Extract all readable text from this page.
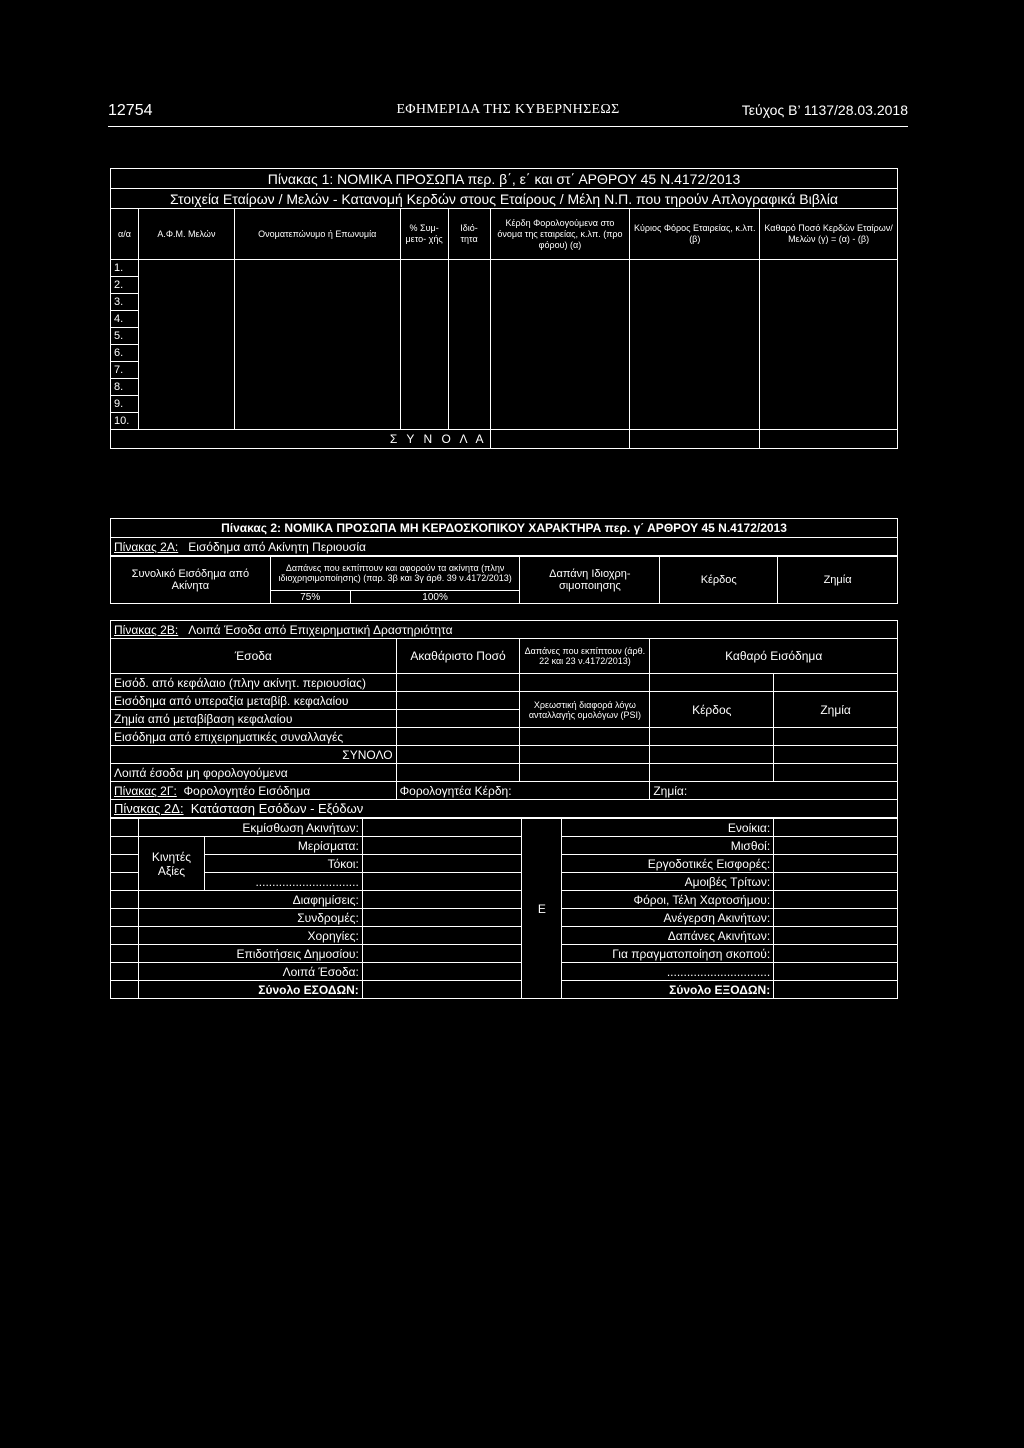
12754	ΕΦΗΜΕΡΙΔΑ ΤΗΣ ΚΥΒΕΡΝΗΣΕΩΣ	Τεύχος Β’ 1137/28.03.2018
Πίνακας 1: ΝΟΜΙΚΑ ΠΡΟΣΩΠΑ περ. β΄, ε΄ και στ΄ ΑΡΘΡΟΥ 45 Ν.4172/2013							
Στοιχεία Εταίρων / Μελών - Κατανομή Κερδών στους Εταίρους / Μέλη Ν.Π. που τηρούν Απλογραφικά Βιβλία							
α/α	Α.Φ.Μ. Μελών	Ονοματεπώνυμο ή Επωνυμία	% Συμ- μετο- χής	Ιδιό- τητα	Κέρδη Φορολογούμενα στο όνομα της εταιρείας, κ.λπ. (προ φόρου) (α)	Κύριος Φόρος Εταιρείας, κ.λπ. (β)	Καθαρό Ποσό Κερδών Εταίρων/Μελών (γ) = (α) - (β)
1.							
2.							
3.							
4.							
5.							
6.							
7.							
8.							
9.							
10.							
Σ Υ Ν Ο Λ Α							
Πίνακας 2: ΝΟΜΙΚΑ ΠΡΟΣΩΠΑ ΜΗ ΚΕΡΔΟΣΚΟΠΙΚΟΥ ΧΑΡΑΚΤΗΡΑ περ. γ΄ ΑΡΘΡΟΥ 45 Ν.4172/2013
Πίνακας 2Α: Εισόδημα από Ακίνητη Περιουσία
Συνολικό Εισόδημα από Ακίνητα	Δαπάνες που εκπίπτουν και αφορούν τα ακίνητα (πλην ιδιοχρησιμοποίησης) (παρ. 3β και 3γ άρθ. 39 ν.4172/2013)		Δαπάνη Ιδιοχρη- σιμοποιησης	Κέρδος	Ζημία
	75%	100%			
Πίνακας 2Β: Λοιπά Έσοδα από Επιχειρηματική Δραστηριότητα				
Έσοδα	Ακαθάριστο Ποσό	Δαπάνες που εκπίπτουν (άρθ. 22 και 23 ν.4172/2013)	Καθαρό Εισόδημα	
Εισόδ. από κεφάλαιο (πλην ακίνητ. περιουσίας)				
Εισόδημα από υπεραξία μεταβίβ. κεφαλαίου		Χρεωστική διαφορά λόγω ανταλλαγής ομολόγων (PSI)	Κέρδος	Ζημία
Ζημία από μεταβίβαση κεφαλαίου				
Εισόδημα από επιχειρηματικές συναλλαγές				
ΣΥΝΟΛΟ				
Λοιπά έσοδα μη φορολογούμενα				
Πίνακας 2Γ: Φορολογητέο Εισόδημα	Φορολογητέα Κέρδη:		Ζημία:	
Πίνακας 2Δ: Κατάσταση Εσόδων - Εξόδων				
	Εκμίσθωση Ακινήτων:			Ε	Ενοίκια:	
	Κινητές Αξίες	Μερίσματα:			Μισθοί:	
		Τόκοι:			Εργοδοτικές Εισφορές:	
		...............................			Αμοιβές Τρίτων:	
	Διαφημίσεις:				Φόροι, Τέλη Χαρτοσήμου:	
	Συνδρομές:				Ανέγερση Ακινήτων:	
	Χορηγίες:				Δαπάνες Ακινήτων:	
	Επιδοτήσεις Δημοσίου:				Για πραγματοποίηση σκοπού:	
	Λοιπά Έσοδα:				...............................	
	Σύνολο ΕΣΟΔΩΝ:				Σύνολο ΕΞΟΔΩΝ:	
